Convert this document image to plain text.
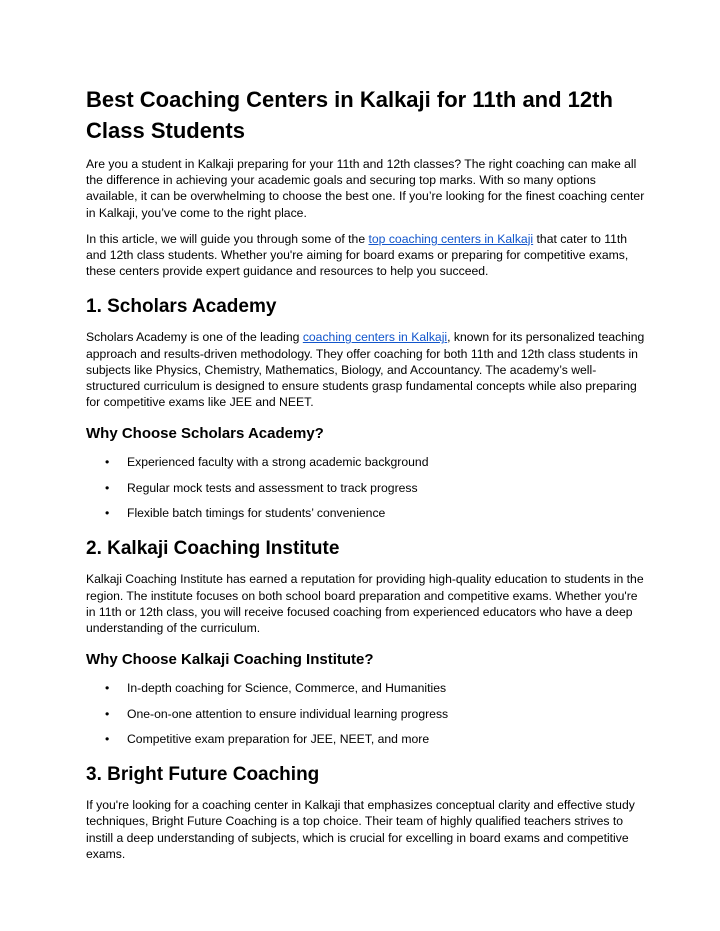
Best Coaching Centers in Kalkaji for 11th and 12th Class Students

Are you a student in Kalkaji preparing for your 11th and 12th classes? The right coaching can make all the difference in achieving your academic goals and securing top marks. With so many options available, it can be overwhelming to choose the best one. If you’re looking for the finest coaching center in Kalkaji, you’ve come to the right place.

In this article, we will guide you through some of the top coaching centers in Kalkaji that cater to 11th and 12th class students. Whether you're aiming for board exams or preparing for competitive exams, these centers provide expert guidance and resources to help you succeed.

1. Scholars Academy

Scholars Academy is one of the leading coaching centers in Kalkaji, known for its personalized teaching approach and results-driven methodology. They offer coaching for both 11th and 12th class students in subjects like Physics, Chemistry, Mathematics, Biology, and Accountancy. The academy’s well-structured curriculum is designed to ensure students grasp fundamental concepts while also preparing for competitive exams like JEE and NEET.

Why Choose Scholars Academy?
• Experienced faculty with a strong academic background
• Regular mock tests and assessment to track progress
• Flexible batch timings for students’ convenience
2. Kalkaji Coaching Institute

Kalkaji Coaching Institute has earned a reputation for providing high-quality education to students in the region. The institute focuses on both school board preparation and competitive exams. Whether you're in 11th or 12th class, you will receive focused coaching from experienced educators who have a deep understanding of the curriculum.

Why Choose Kalkaji Coaching Institute?
• In-depth coaching for Science, Commerce, and Humanities
• One-on-one attention to ensure individual learning progress
• Competitive exam preparation for JEE, NEET, and more
3. Bright Future Coaching

If you're looking for a coaching center in Kalkaji that emphasizes conceptual clarity and effective study techniques, Bright Future Coaching is a top choice. Their team of highly qualified teachers strives to instill a deep understanding of subjects, which is crucial for excelling in board exams and competitive exams.
